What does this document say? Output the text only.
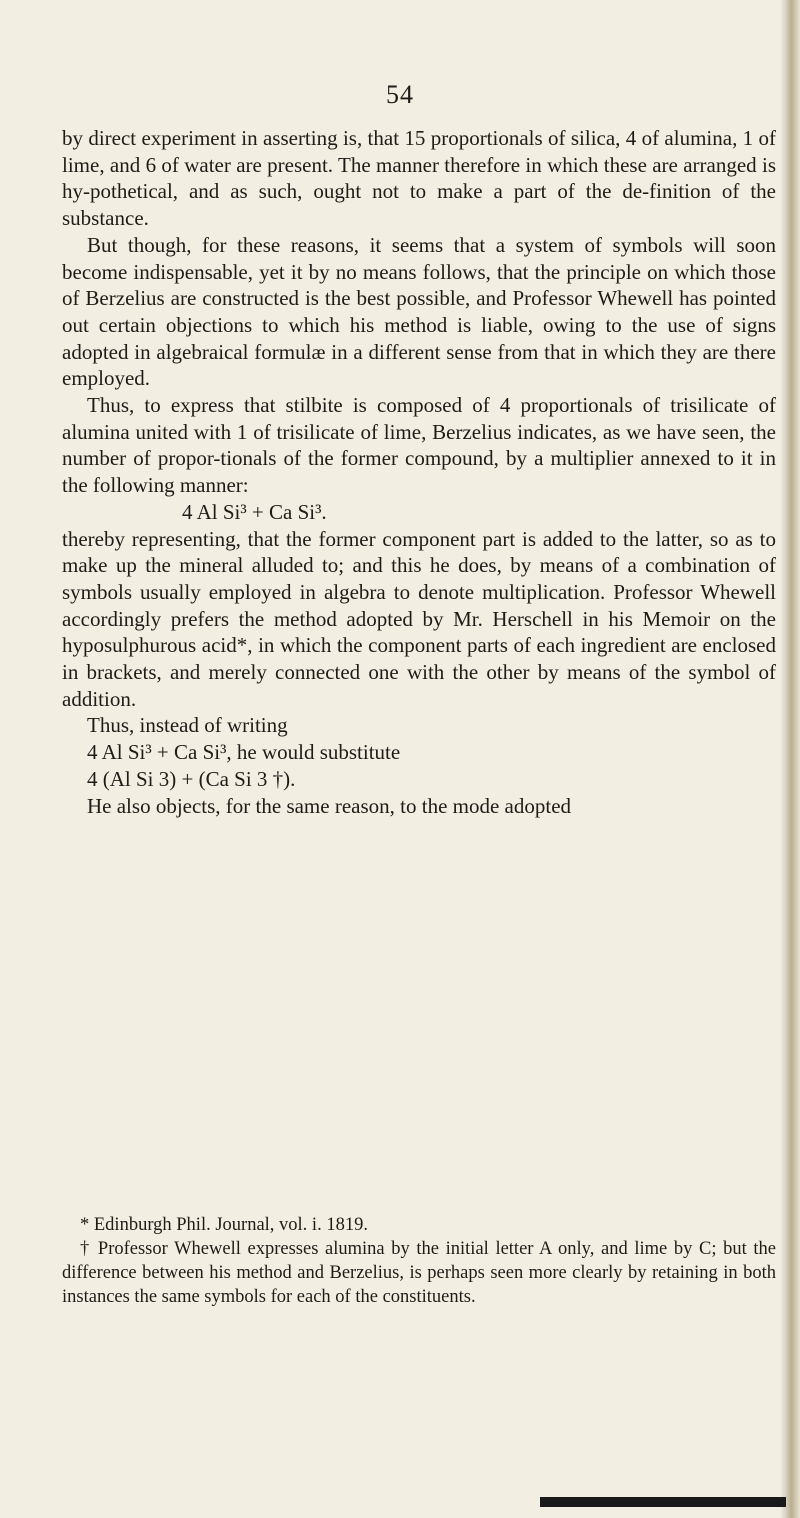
54

by direct experiment in asserting is, that 15 proportionals of silica, 4 of alumina, 1 of lime, and 6 of water are present. The manner therefore in which these are arranged is hy-pothetical, and as such, ought not to make a part of the de-finition of the substance.

But though, for these reasons, it seems that a system of symbols will soon become indispensable, yet it by no means follows, that the principle on which those of Berzelius are constructed is the best possible, and Professor Whewell has pointed out certain objections to which his method is liable, owing to the use of signs adopted in algebraical formulæ in a different sense from that in which they are there employed.

Thus, to express that stilbite is composed of 4 proportionals of trisilicate of alumina united with 1 of trisilicate of lime, Berzelius indicates, as we have seen, the number of propor-tionals of the former compound, by a multiplier annexed to it in the following manner:

4 Al Si³ + Ca Si³.

thereby representing, that the former component part is added to the latter, so as to make up the mineral alluded to; and this he does, by means of a combination of symbols usually employed in algebra to denote multiplication. Professor Whewell accordingly prefers the method adopted by Mr. Herschell in his Memoir on the hyposulphurous acid*, in which the component parts of each ingredient are enclosed in brackets, and merely connected one with the other by means of the symbol of addition.

Thus, instead of writing

4 Al Si³ + Ca Si³, he would substitute

4 (Al Si 3) + (Ca Si 3 †).

He also objects, for the same reason, to the mode adopted

* Edinburgh Phil. Journal, vol. i. 1819.

† Professor Whewell expresses alumina by the initial letter A only, and lime by C; but the difference between his method and Berzelius, is perhaps seen more clearly by retaining in both instances the same symbols for each of the constituents.
